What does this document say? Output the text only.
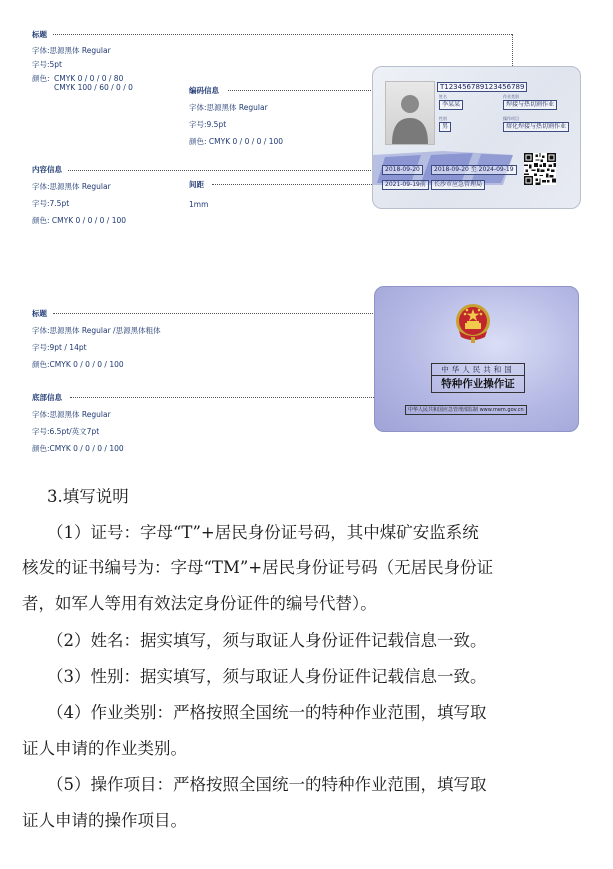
标题
字体:思源黑体 Regular
字号:5pt
颜色: CMYK 0 / 0 / 0 / 80
CMYK 100 / 60 / 0 / 0	编码信息
字体:思源黑体 Regular
字号:9.5pt
颜色: CMYK 0 / 0 / 0 / 100
内容信息
字体:思源黑体 Regular
字号:7.5pt
颜色: CMYK 0 / 0 / 0 / 100
间距
1mm
T123456789123456789
姓名
李某某
作业类别
焊接与热切割作业
性别
男
操作项目
熔化焊接与热切割作业
2018-09-20	2018-09-20 至 2024-09-19
2021-09-19前	长沙市应急管理局
标题
字体:思源黑体 Regular /思源黑体粗体
字号:9pt / 14pt
颜色:CMYK 0 / 0 / 0 / 100
底部信息
字体:思源黑体 Regular
字号:6.5pt/英文7pt
颜色:CMYK 0 / 0 / 0 / 100
中华人民共和国
特种作业操作证
中华人民共和国应急管理部监制 www.mem.gov.cn
3.填写说明
（1）证号：字母“T”+居民身份证号码，其中煤矿安监系统
核发的证书编号为：字母“TM”+居民身份证号码（无居民身份证
者，如军人等用有效法定身份证件的编号代替）。
（2）姓名：据实填写，须与取证人身份证件记载信息一致。
（3）性别：据实填写，须与取证人身份证件记载信息一致。
（4）作业类别：严格按照全国统一的特种作业范围，填写取
证人申请的作业类别。
（5）操作项目：严格按照全国统一的特种作业范围，填写取
证人申请的操作项目。
